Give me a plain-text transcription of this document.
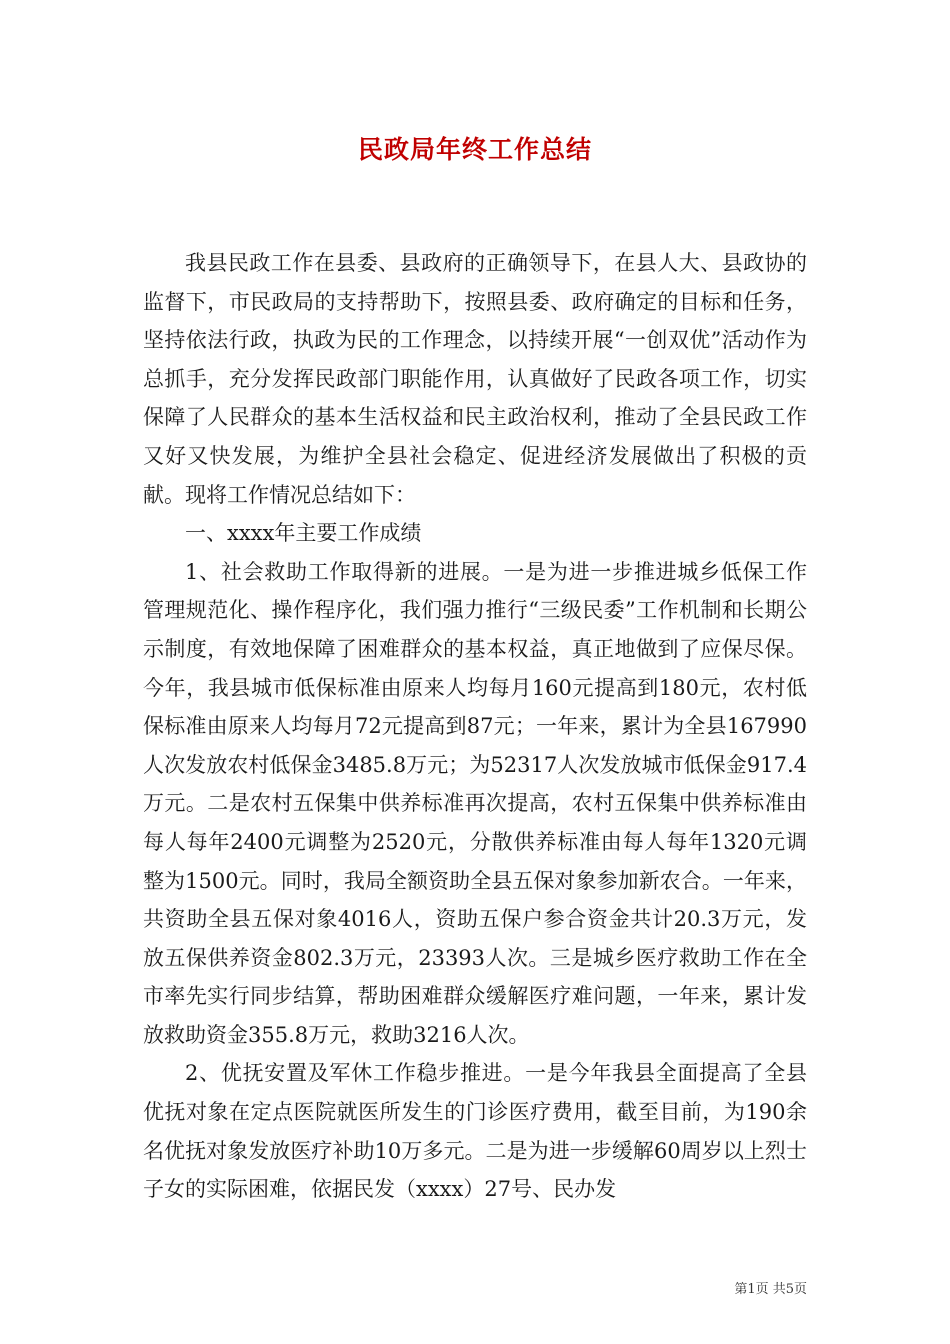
民政局年终工作总结

我县民政工作在县委、县政府的正确领导下，在县人大、县政协的监督下，市民政局的支持帮助下，按照县委、政府确定的目标和任务，坚持依法行政，执政为民的工作理念，以持续开展“一创双优”活动作为总抓手，充分发挥民政部门职能作用，认真做好了民政各项工作，切实保障了人民群众的基本生活权益和民主政治权利，推动了全县民政工作又好又快发展，为维护全县社会稳定、促进经济发展做出了积极的贡献。现将工作情况总结如下：

一、xxxx年主要工作成绩

1、社会救助工作取得新的进展。一是为进一步推进城乡低保工作管理规范化、操作程序化，我们强力推行“三级民委”工作机制和长期公示制度，有效地保障了困难群众的基本权益，真正地做到了应保尽保。今年，我县城市低保标准由原来人均每月160元提高到180元，农村低保标准由原来人均每月72元提高到87元；一年来，累计为全县167990人次发放农村低保金3485.8万元；为52317人次发放城市低保金917.4万元。二是农村五保集中供养标准再次提高，农村五保集中供养标准由每人每年2400元调整为2520元，分散供养标准由每人每年1320元调整为1500元。同时，我局全额资助全县五保对象参加新农合。一年来，共资助全县五保对象4016人，资助五保户参合资金共计20.3万元，发放五保供养资金802.3万元，23393人次。三是城乡医疗救助工作在全市率先实行同步结算，帮助困难群众缓解医疗难问题，一年来，累计发放救助资金355.8万元，救助3216人次。

2、优抚安置及军休工作稳步推进。一是今年我县全面提高了全县优抚对象在定点医院就医所发生的门诊医疗费用，截至目前，为190余名优抚对象发放医疗补助10万多元。二是为进一步缓解60周岁以上烈士子女的实际困难，依据民发（xxxx）27号、民办发

第1页 共5页
